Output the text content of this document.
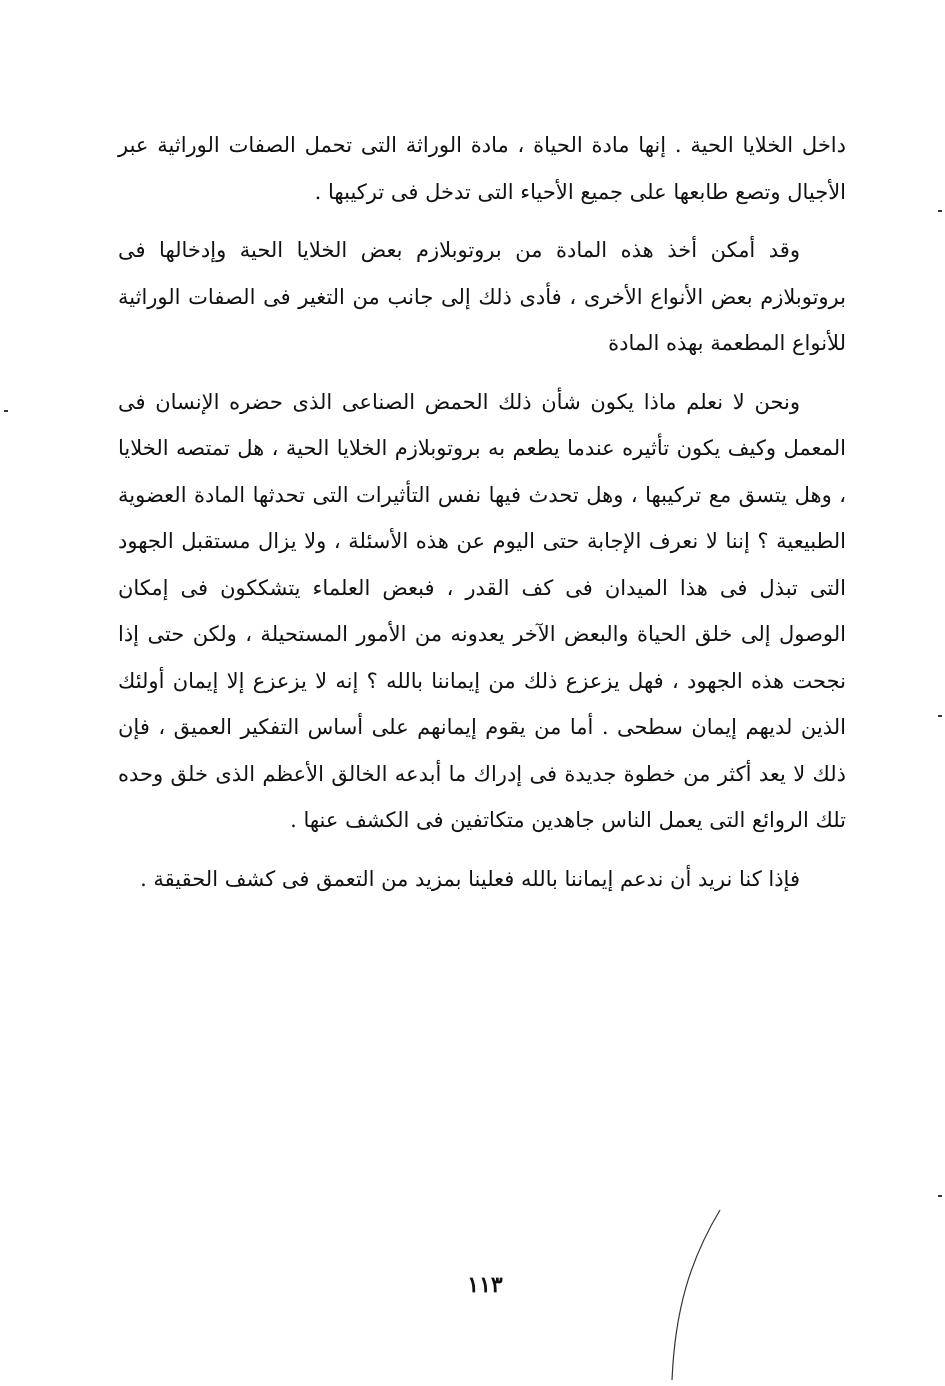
داخل الخلايا الحية . إنها مادة الحياة ، مادة الوراثة التى تحمل الصفات الوراثية عبر الأجيال وتصع طابعها على جميع الأحياء التى تدخل فى تركيبها .

وقد أمكن أخذ هذه المادة من بروتوبلازم بعض الخلايا الحية وإدخالها فى بروتوبلازم بعض الأنواع الأخرى ، فأدى ذلك إلى جانب من التغير فى الصفات الوراثية للأنواع المطعمة بهذه المادة

ونحن لا نعلم ماذا يكون شأن ذلك الحمض الصناعى الذى حضره الإنسان فى المعمل وكيف يكون تأثيره عندما يطعم به بروتوبلازم الخلايا الحية ، هل تمتصه الخلايا ، وهل يتسق مع تركيبها ، وهل تحدث فيها نفس التأثيرات التى تحدثها المادة العضوية الطبيعية ؟ إننا لا نعرف الإجابة حتى اليوم عن هذه الأسئلة ، ولا يزال مستقبل الجهود التى تبذل فى هذا الميدان فى كف القدر ، فبعض العلماء يتشككون فى إمكان الوصول إلى خلق الحياة والبعض الآخر يعدونه من الأمور المستحيلة ، ولكن حتى إذا نجحت هذه الجهود ، فهل يزعزع ذلك من إيماننا بالله ؟ إنه لا يزعزع إلا إيمان أولئك الذين لديهم إيمان سطحى . أما من يقوم إيمانهم على أساس التفكير العميق ، فإن ذلك لا يعد أكثر من خطوة جديدة فى إدراك ما أبدعه الخالق الأعظم الذى خلق وحده تلك الروائع التى يعمل الناس جاهدين متكاتفين فى الكشف عنها .

فإذا كنا نريد أن ندعم إيماننا بالله فعلينا بمزيد من التعمق فى كشف الحقيقة .

١١٣
